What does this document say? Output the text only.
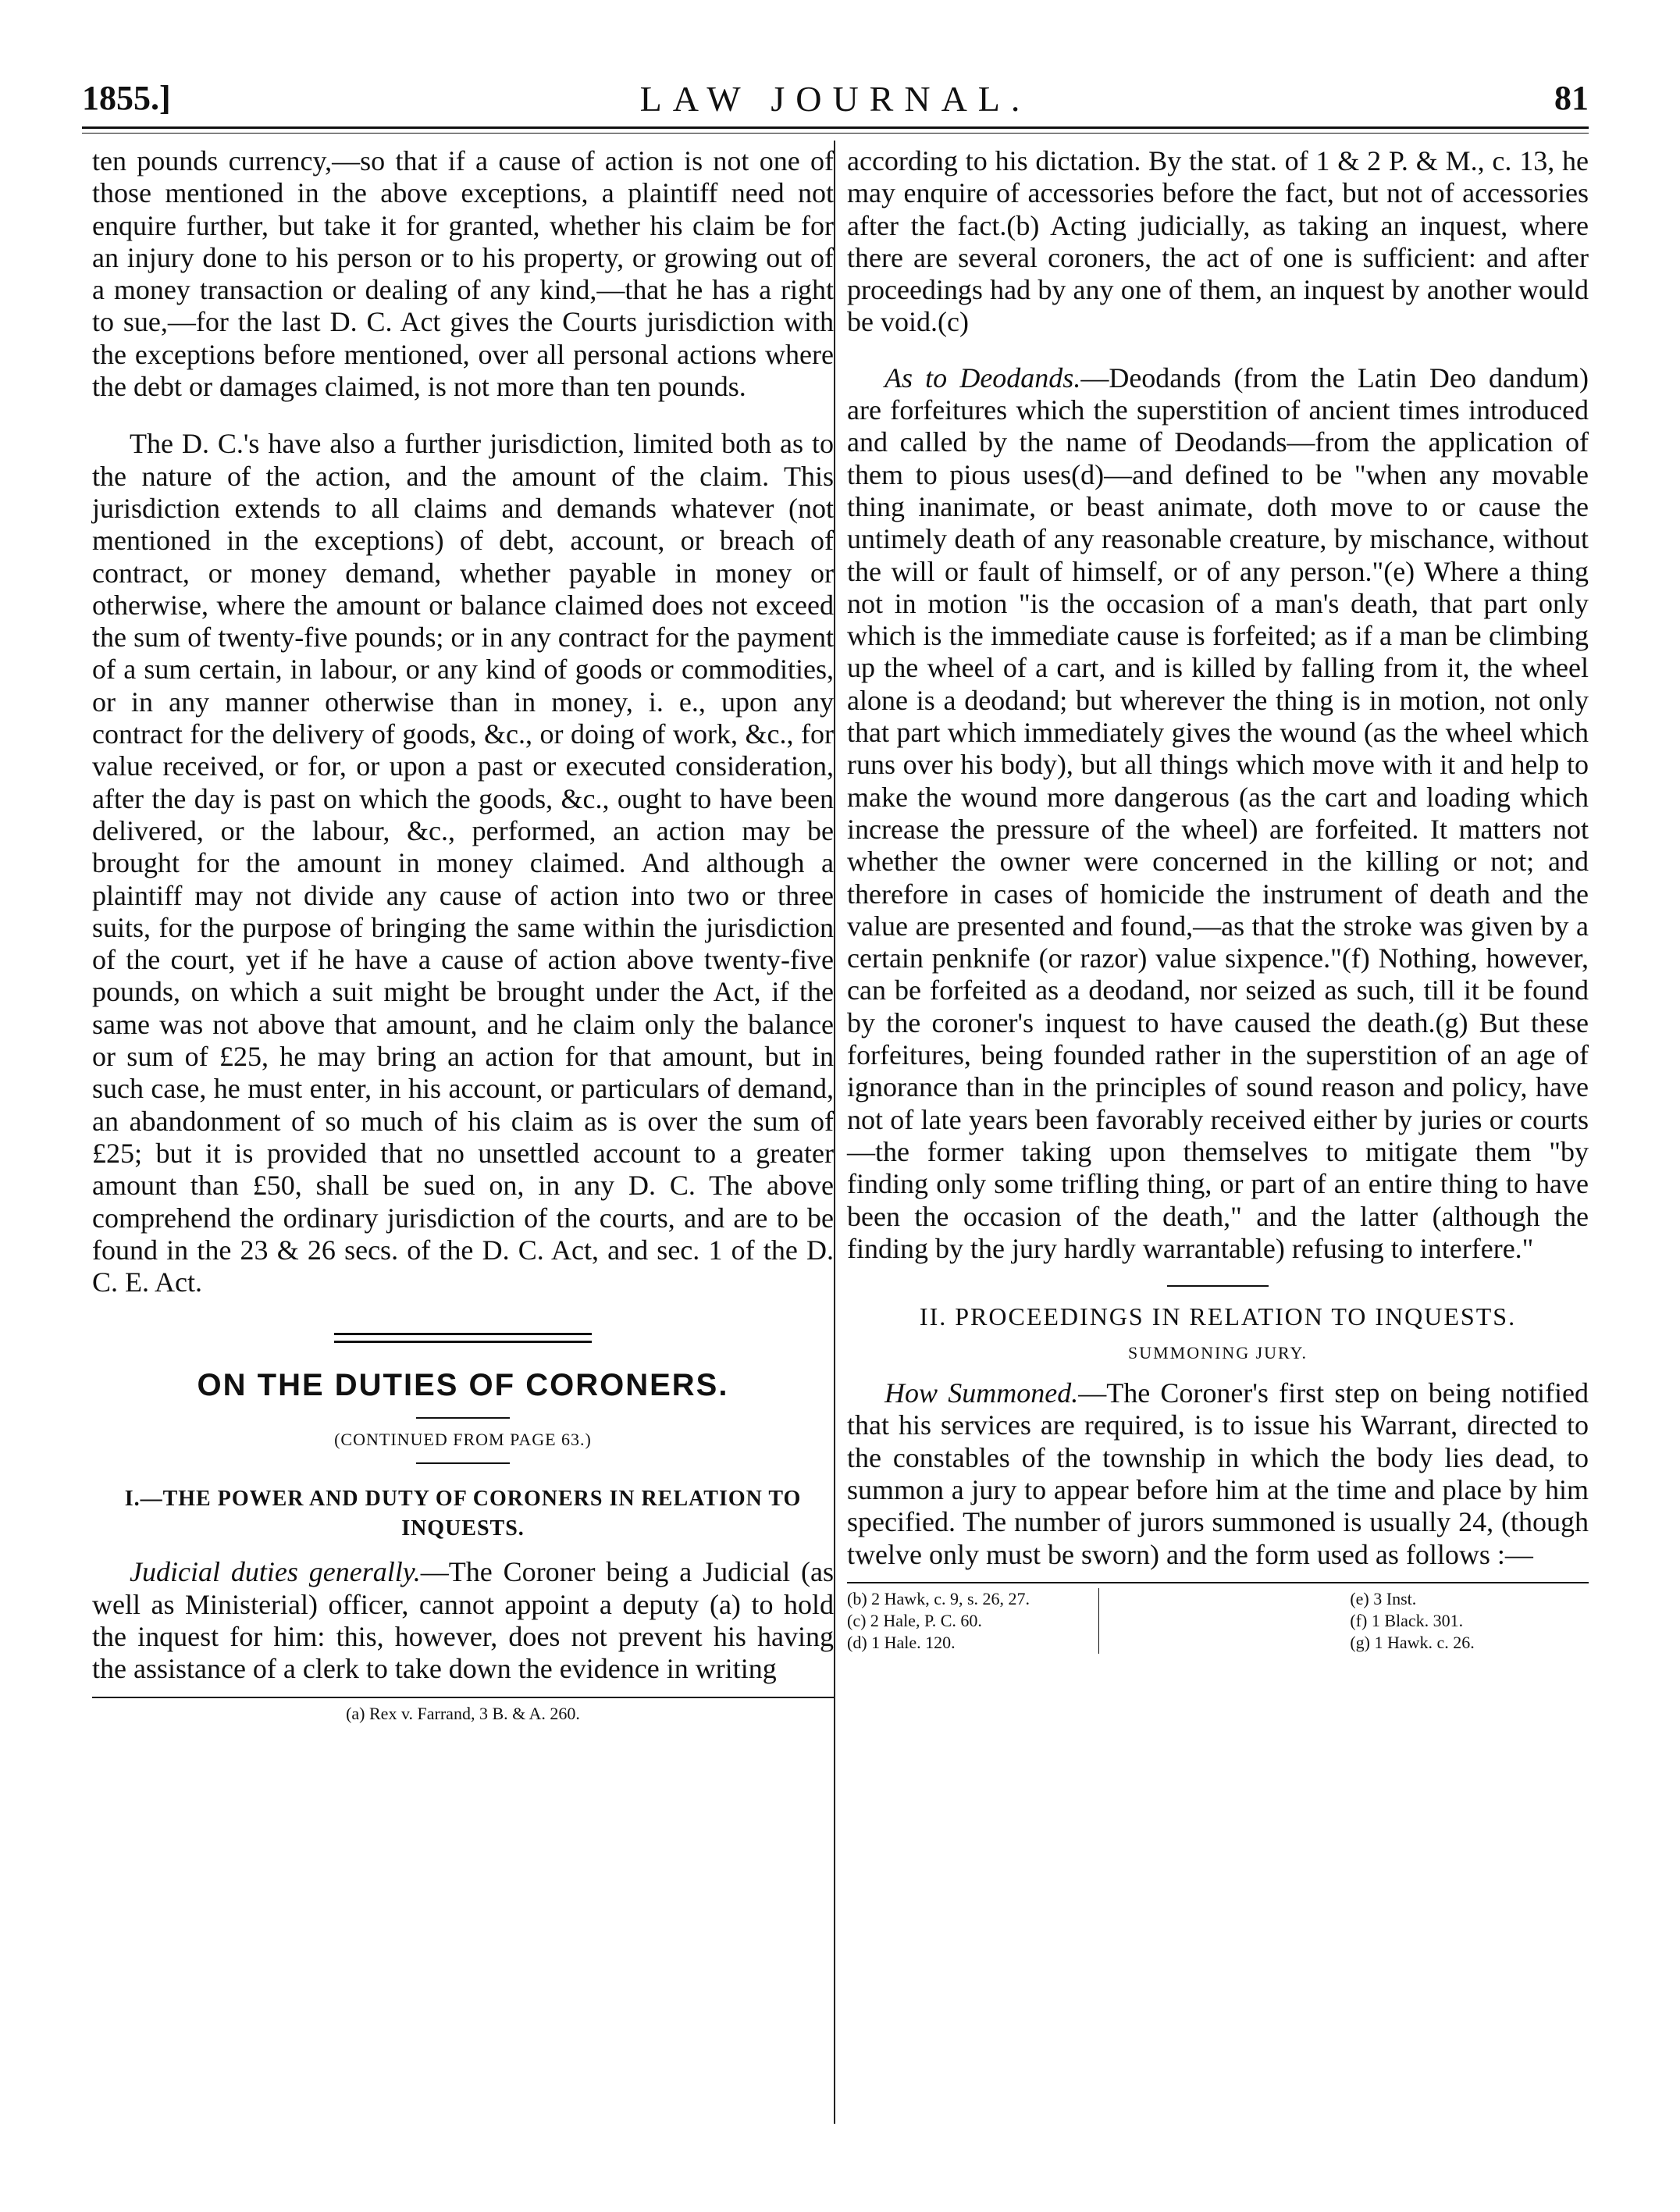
1855.]	LAW JOURNAL.	81

ten pounds currency,—so that if a cause of action is not one of those mentioned in the above exceptions, a plaintiff need not enquire further, but take it for granted, whether his claim be for an injury done to his person or to his property, or growing out of a money transaction or dealing of any kind,—that he has a right to sue,—for the last D. C. Act gives the Courts jurisdiction with the exceptions before mentioned, over all personal actions where the debt or damages claimed, is not more than ten pounds.

The D. C.'s have also a further jurisdiction, limited both as to the nature of the action, and the amount of the claim. This jurisdiction extends to all claims and demands whatever (not mentioned in the exceptions) of debt, account, or breach of contract, or money demand, whether payable in money or otherwise, where the amount or balance claimed does not exceed the sum of twenty-five pounds; or in any contract for the payment of a sum certain, in labour, or any kind of goods or commodities, or in any manner otherwise than in money, i. e., upon any contract for the delivery of goods, &c., or doing of work, &c., for value received, or for, or upon a past or executed consideration, after the day is past on which the goods, &c., ought to have been delivered, or the labour, &c., performed, an action may be brought for the amount in money claimed. And although a plaintiff may not divide any cause of action into two or three suits, for the purpose of bringing the same within the jurisdiction of the court, yet if he have a cause of action above twenty-five pounds, on which a suit might be brought under the Act, if the same was not above that amount, and he claim only the balance or sum of £25, he may bring an action for that amount, but in such case, he must enter, in his account, or particulars of demand, an abandonment of so much of his claim as is over the sum of £25; but it is provided that no unsettled account to a greater amount than £50, shall be sued on, in any D. C. The above comprehend the ordinary jurisdiction of the courts, and are to be found in the 23 & 26 secs. of the D. C. Act, and sec. 1 of the D. C. E. Act.

ON THE DUTIES OF CORONERS.
(CONTINUED FROM PAGE 63.)
I.—THE POWER AND DUTY OF CORONERS IN RELATION TO INQUESTS.

Judicial duties generally.—The Coroner being a Judicial (as well as Ministerial) officer, cannot appoint a deputy (a) to hold the inquest for him: this, however, does not prevent his having the assistance of a clerk to take down the evidence in writing

(a) Rex v. Farrand, 3 B. & A. 260.

according to his dictation. By the stat. of 1 & 2 P. & M., c. 13, he may enquire of accessories before the fact, but not of accessories after the fact.(b) Acting judicially, as taking an inquest, where there are several coroners, the act of one is sufficient: and after proceedings had by any one of them, an inquest by another would be void.(c)

As to Deodands.—Deodands (from the Latin Deo dandum) are forfeitures which the superstition of ancient times introduced and called by the name of Deodands—from the application of them to pious uses(d)—and defined to be "when any movable thing inanimate, or beast animate, doth move to or cause the untimely death of any reasonable creature, by mischance, without the will or fault of himself, or of any person."(e) Where a thing not in motion "is the occasion of a man's death, that part only which is the immediate cause is forfeited; as if a man be climbing up the wheel of a cart, and is killed by falling from it, the wheel alone is a deodand; but wherever the thing is in motion, not only that part which immediately gives the wound (as the wheel which runs over his body), but all things which move with it and help to make the wound more dangerous (as the cart and loading which increase the pressure of the wheel) are forfeited. It matters not whether the owner were concerned in the killing or not; and therefore in cases of homicide the instrument of death and the value are presented and found,—as that the stroke was given by a certain penknife (or razor) value sixpence."(f) Nothing, however, can be forfeited as a deodand, nor seized as such, till it be found by the coroner's inquest to have caused the death.(g) But these forfeitures, being founded rather in the superstition of an age of ignorance than in the principles of sound reason and policy, have not of late years been favorably received either by juries or courts—the former taking upon themselves to mitigate them "by finding only some trifling thing, or part of an entire thing to have been the occasion of the death," and the latter (although the finding by the jury hardly warrantable) refusing to interfere."

II. PROCEEDINGS IN RELATION TO INQUESTS.
SUMMONING JURY.

How Summoned.—The Coroner's first step on being notified that his services are required, is to issue his Warrant, directed to the constables of the township in which the body lies dead, to summon a jury to appear before him at the time and place by him specified. The number of jurors summoned is usually 24, (though twelve only must be sworn) and the form used as follows :—

(b) 2 Hawk, c. 9, s. 26, 27.
(c) 2 Hale, P. C. 60.
(d) 1 Hale. 120.
(e) 3 Inst.
(f) 1 Black. 301.
(g) 1 Hawk. c. 26.
